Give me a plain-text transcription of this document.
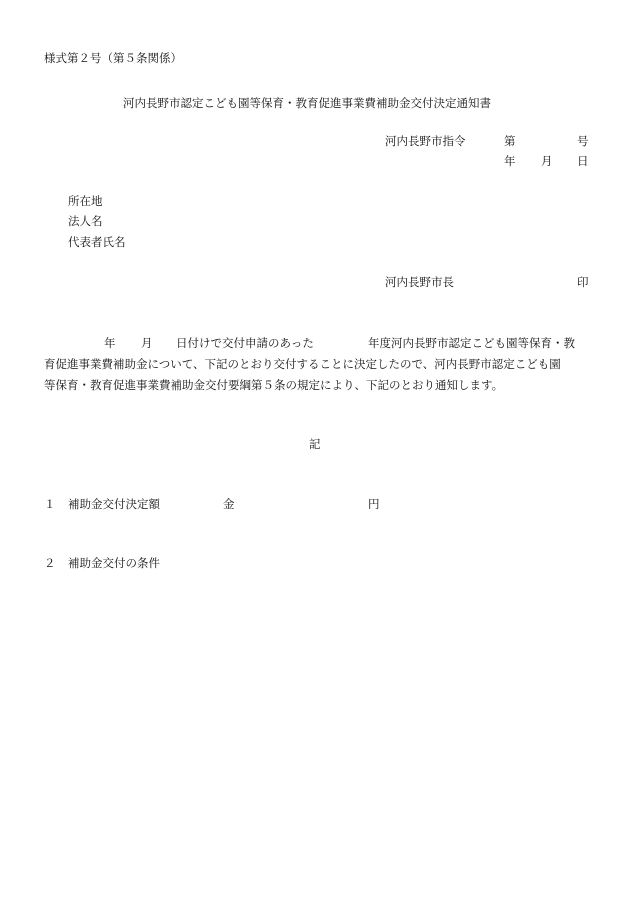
様式第２号（第５条関係）
河内長野市認定こども園等保育・教育促進事業費補助金交付決定通知書
河内長野市指令	第	号
年 月 日
所在地
法人名
代表者氏名
河内長野市長	印
年 月 日付けで交付申請のあった	年度河内長野市認定こども園等保育・教
育促進事業費補助金について、下記のとおり交付することに決定したので、河内長野市認定こども園
等保育・教育促進事業費補助金交付要綱第５条の規定により、下記のとおり通知します。
記
１ 補助金交付決定額	金	円
２ 補助金交付の条件
